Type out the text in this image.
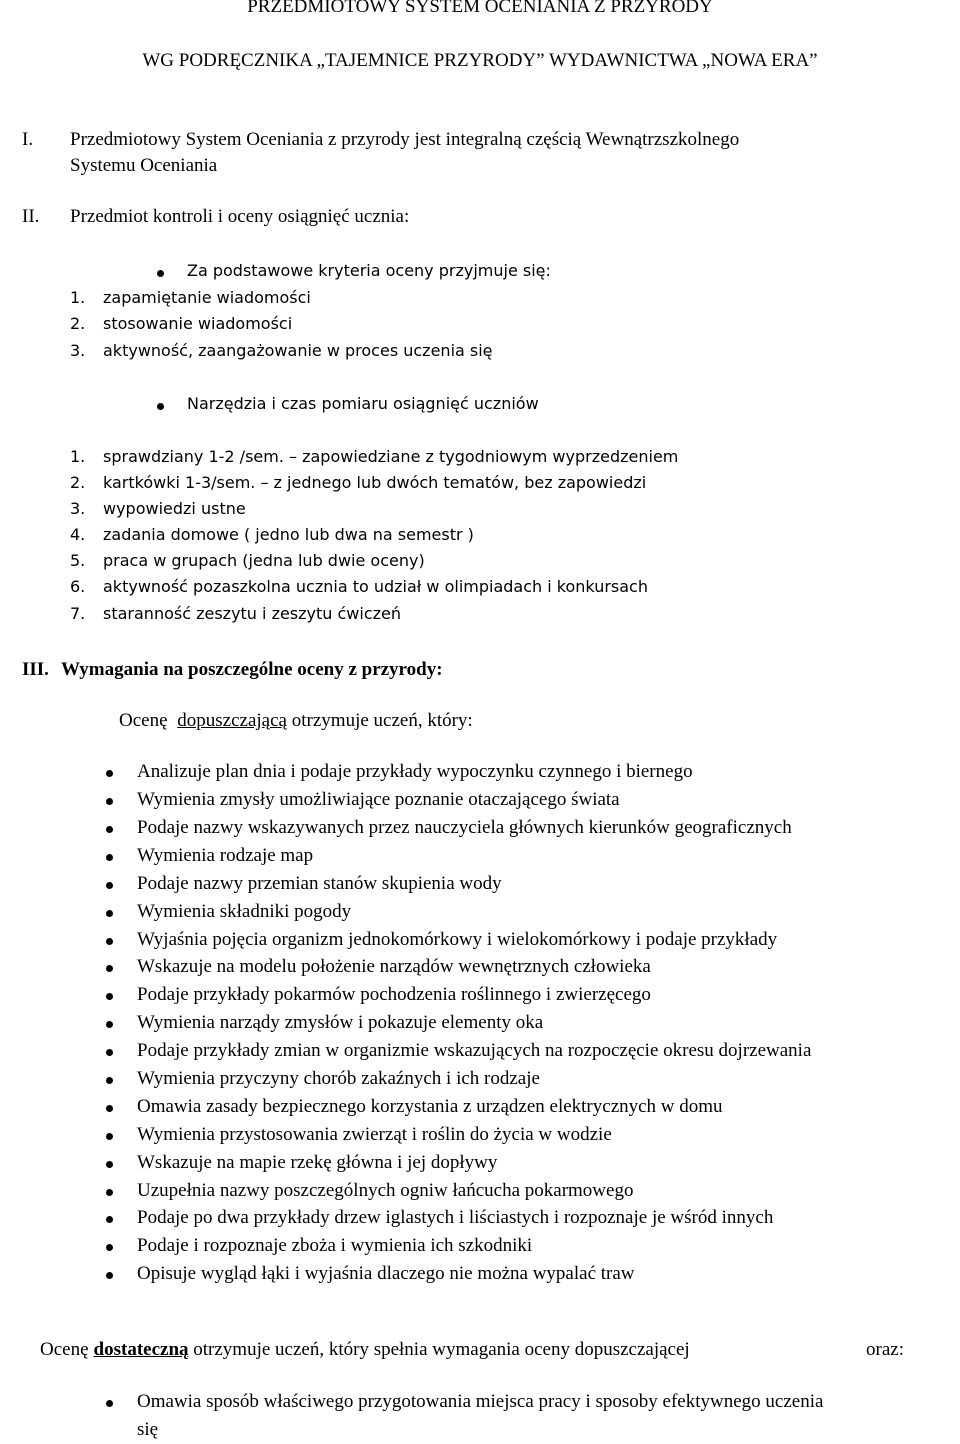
PRZEDMIOTOWY SYSTEM OCENIANIA Z PRZYRODY
WG PODRĘCZNIKA „TAJEMNICE PRZYRODY” WYDAWNICTWA „NOWA ERA”
I. Przedmiotowy System Oceniania z przyrody jest integralną częścią Wewnątrzszkolnego
Systemu Oceniania
II. Przedmiot kontroli i oceny osiągnięć ucznia:
Za podstawowe kryteria oceny przyjmuje się:
1. zapamiętanie wiadomości
2. stosowanie wiadomości
3. aktywność, zaangażowanie w proces uczenia się
Narzędzia i czas pomiaru osiągnięć uczniów
1. sprawdziany 1-2 /sem. – zapowiedziane z tygodniowym wyprzedzeniem
2. kartkówki 1-3/sem. – z jednego lub dwóch tematów, bez zapowiedzi
3. wypowiedzi ustne
4. zadania domowe ( jedno lub dwa na semestr )
5. praca w grupach (jedna lub dwie oceny)
6. aktywność pozaszkolna ucznia to udział w olimpiadach i konkursach
7. staranność zeszytu i zeszytu ćwiczeń
III. Wymagania na poszczególne oceny z przyrody:
Ocenę dopuszczającą otrzymuje uczeń, który:
Analizuje plan dnia i podaje przykłady wypoczynku czynnego i biernego
Wymienia zmysły umożliwiające poznanie otaczającego świata
Podaje nazwy wskazywanych przez nauczyciela głównych kierunków geograficznych
Wymienia rodzaje map
Podaje nazwy przemian stanów skupienia wody
Wymienia składniki pogody
Wyjaśnia pojęcia organizm jednokomórkowy i wielokomórkowy i podaje przykłady
Wskazuje na modelu położenie narządów wewnętrznych człowieka
Podaje przykłady pokarmów pochodzenia roślinnego i zwierzęcego
Wymienia narządy zmysłów i pokazuje elementy oka
Podaje przykłady zmian w organizmie wskazujących na rozpoczęcie okresu dojrzewania
Wymienia przyczyny chorób zakaźnych i ich rodzaje
Omawia zasady bezpiecznego korzystania z urządzen elektrycznych w domu
Wymienia przystosowania zwierząt i roślin do życia w wodzie
Wskazuje na mapie rzekę główna i jej dopływy
Uzupełnia nazwy poszczególnych ogniw łańcucha pokarmowego
Podaje po dwa przykłady drzew iglastych i liściastych i rozpoznaje je wśród innych
Podaje i rozpoznaje zboża i wymienia ich szkodniki
Opisuje wygląd łąki i wyjaśnia dlaczego nie można wypalać traw
Ocenę dostateczną otrzymuje uczeń, który spełnia wymagania oceny dopuszczającej	oraz:
Omawia sposób właściwego przygotowania miejsca pracy i sposoby efektywnego uczenia
się
